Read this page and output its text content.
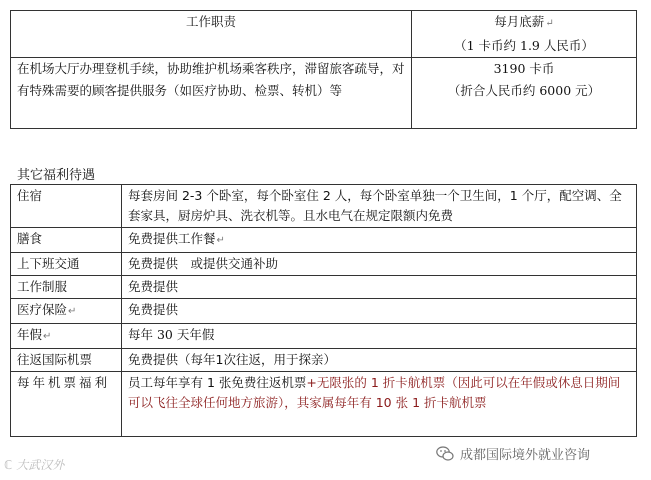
工作职责	每月底薪↵
（1 卡币约 1.9 人民币）

在机场大厅办理登机手续，协助维护机场乘客秩序，滞留旅客疏导，对有特殊需要的顾客提供服务（如医疗协助、检票、转机）等	3190 卡币
（折合人民币约 6000 元）
其它福利待遇
住宿	每套房间 2-3 个卧室，每个卧室住 2 人，每个卧室单独一个卫生间，1 个厅，配空调、全套家具，厨房炉具、洗衣机等。且水电气在规定限额内免费
膳食	免费提供工作餐↵
上下班交通	免费提供　或提供交通补助
工作制服	免费提供
医疗保险↵	免费提供
年假↵	每年 30 天年假
往返国际机票	免费提供（每年1次往返，用于探亲）
每年机票福利	员工每年享有 1 张免费往返机票+无限张的 1 折卡航机票（因此可以在年假或休息日期间可以飞往全球任何地方旅游），其家属每年有 10 张 1 折卡航机票
ℂ 大武汉外
成都国际境外就业咨询
